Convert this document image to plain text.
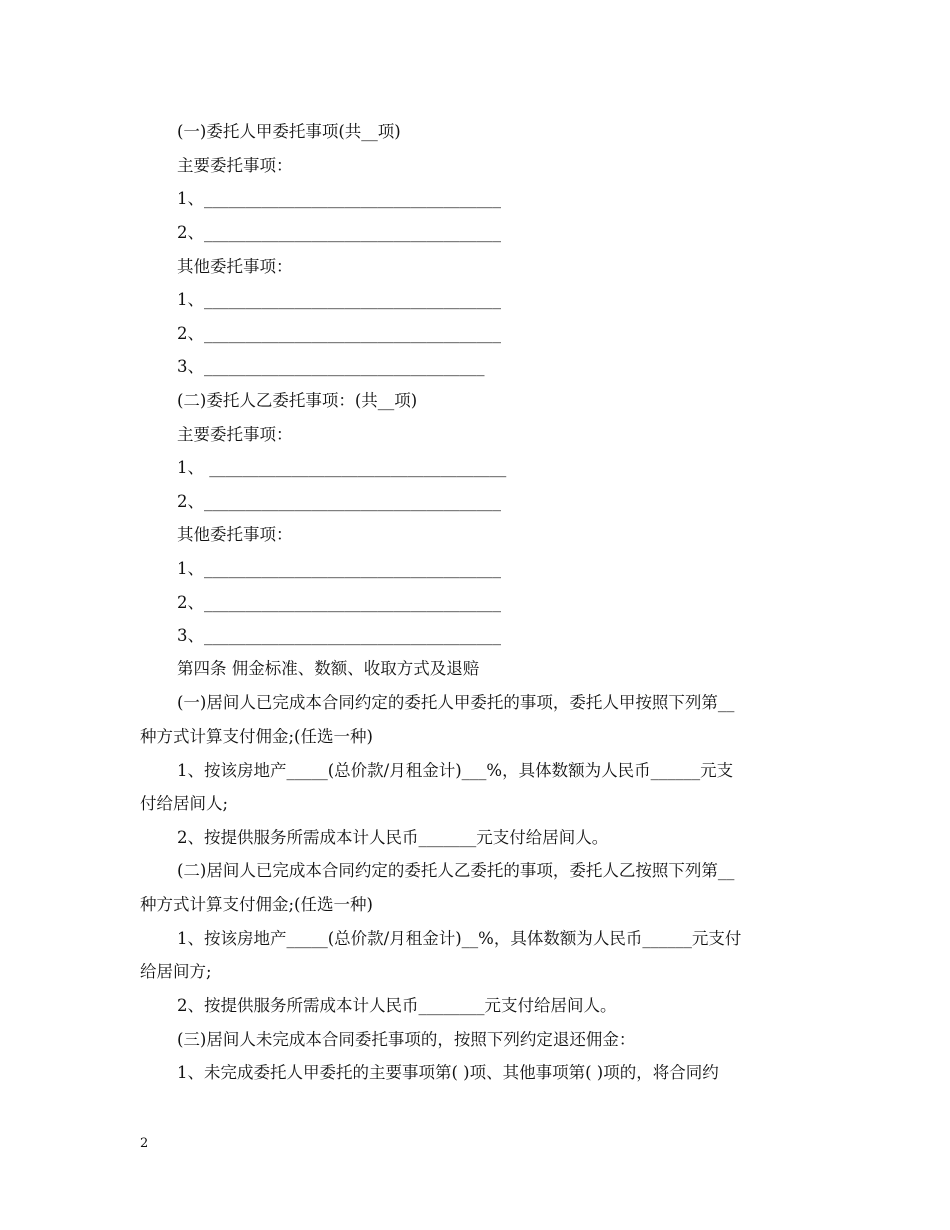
(一)委托人甲委托事项(共__项)
主要委托事项：
1、____________________________________
2、____________________________________
其他委托事项：
1、____________________________________
2、____________________________________
3、__________________________________
(二)委托人乙委托事项：(共__项)
主要委托事项：
1、 ____________________________________
2、____________________________________
其他委托事项：
1、____________________________________
2、____________________________________
3、____________________________________
第四条 佣金标准、数额、收取方式及退赔
(一)居间人已完成本合同约定的委托人甲委托的事项，委托人甲按照下列第__
种方式计算支付佣金;(任选一种)
1、按该房地产_____(总价款/月租金计)___%，具体数额为人民币______元支
付给居间人;
2、按提供服务所需成本计人民币_______元支付给居间人。
(二)居间人已完成本合同约定的委托人乙委托的事项，委托人乙按照下列第__
种方式计算支付佣金;(任选一种)
1、按该房地产_____(总价款/月租金计)__%，具体数额为人民币______元支付
给居间方;
2、按提供服务所需成本计人民币________元支付给居间人。
(三)居间人未完成本合同委托事项的，按照下列约定退还佣金：
1、未完成委托人甲委托的主要事项第( )项、其他事项第( )项的，将合同约
2
